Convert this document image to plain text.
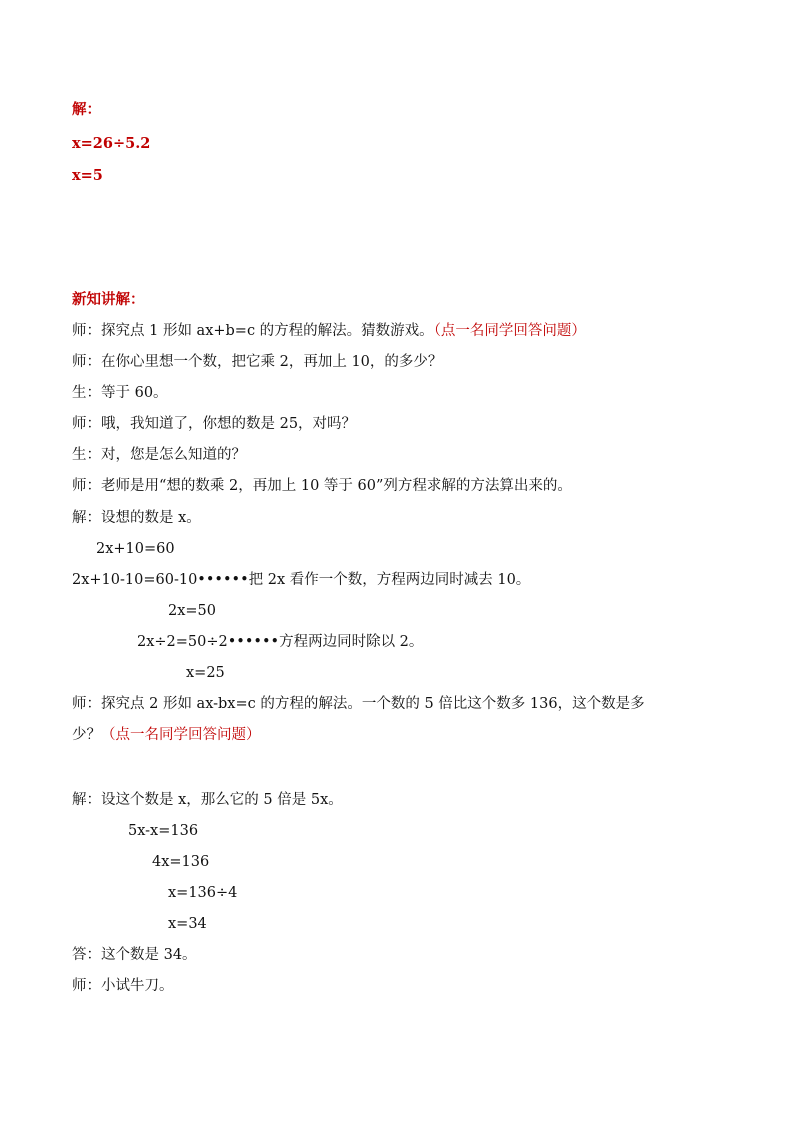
解：
x=26÷5.2
x=5
新知讲解：
师：探究点 1 形如 ax+b=c 的方程的解法。猜数游戏。（点一名同学回答问题）
师：在你心里想一个数，把它乘 2，再加上 10，的多少？
生：等于 60。
师：哦，我知道了，你想的数是 25，对吗？
生：对，您是怎么知道的？
师：老师是用“想的数乘 2，再加上 10 等于 60”列方程求解的方法算出来的。
解：设想的数是 x。
2x+10=60
2x+10-10=60-10••••••把 2x 看作一个数，方程两边同时减去 10。
2x=50
2x÷2=50÷2••••••方程两边同时除以 2。
x=25
师：探究点 2 形如 ax-bx=c 的方程的解法。一个数的 5 倍比这个数多 136，这个数是多
少？（点一名同学回答问题）
解：设这个数是 x，那么它的 5 倍是 5x。
5x-x=136
4x=136
x=136÷4
x=34
答：这个数是 34。
师：小试牛刀。
